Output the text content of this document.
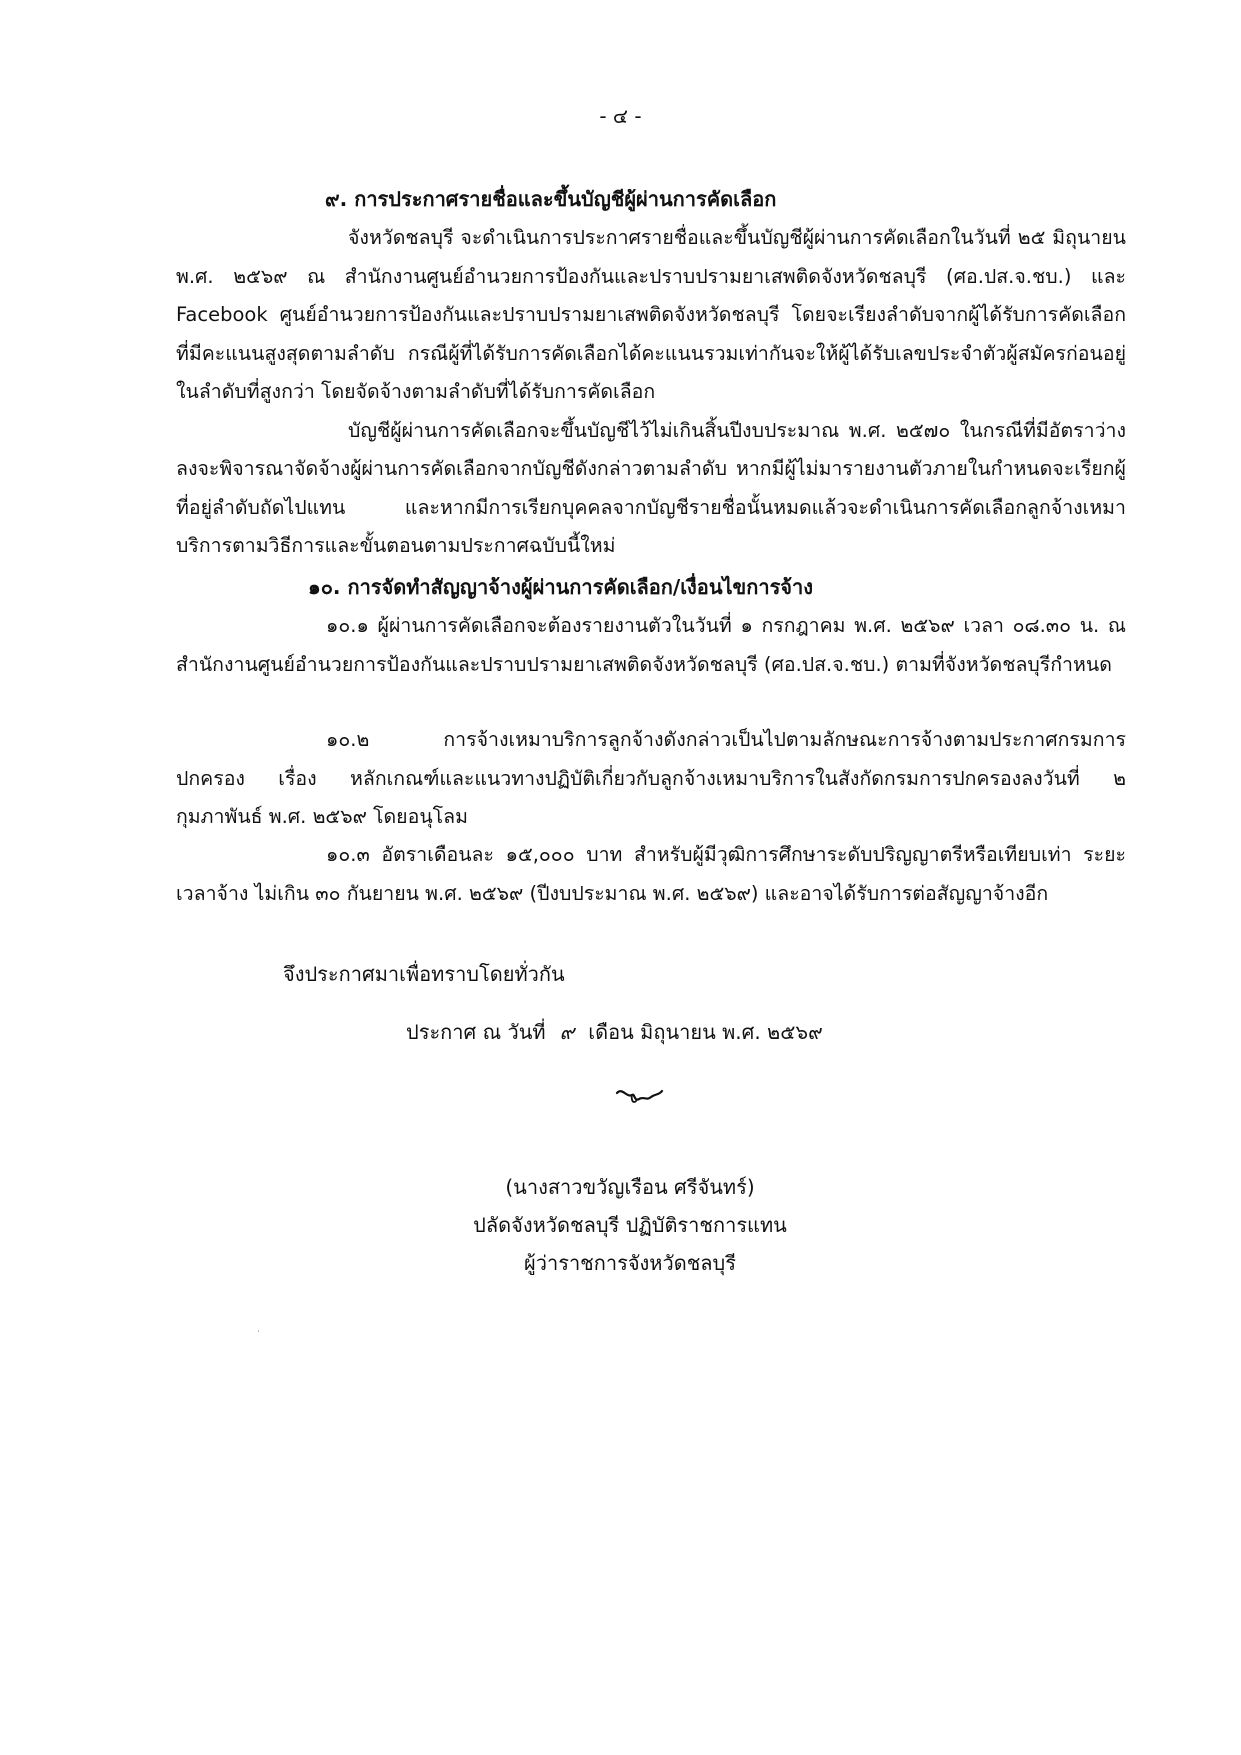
- ๔ -
๙. การประกาศรายชื่อและขึ้นบัญชีผู้ผ่านการคัดเลือก

จังหวัดชลบุรี จะดำเนินการประกาศรายชื่อและขึ้นบัญชีผู้ผ่านการคัดเลือกในวันที่ ๒๕ มิถุนายน พ.ศ. ๒๕๖๙ ณ สำนักงานศูนย์อำนวยการป้องกันและปราบปรามยาเสพติดจังหวัดชลบุรี (ศอ.ปส.จ.ชบ.) และ Facebook ศูนย์อำนวยการป้องกันและปราบปรามยาเสพติดจังหวัดชลบุรี โดยจะเรียงลำดับจากผู้ได้รับการคัดเลือกที่มีคะแนนสูงสุดตามลำดับ กรณีผู้ที่ได้รับการคัดเลือกได้คะแนนรวมเท่ากันจะให้ผู้ได้รับเลขประจำตัวผู้สมัครก่อนอยู่ในลำดับที่สูงกว่า โดยจัดจ้างตามลำดับที่ได้รับการคัดเลือก

บัญชีผู้ผ่านการคัดเลือกจะขึ้นบัญชีไว้ไม่เกินสิ้นปีงบประมาณ พ.ศ. ๒๕๗๐ ในกรณีที่มีอัตราว่างลงจะพิจารณาจัดจ้างผู้ผ่านการคัดเลือกจากบัญชีดังกล่าวตามลำดับ หากมีผู้ไม่มารายงานตัวภายในกำหนดจะเรียกผู้ที่อยู่ลำดับถัดไปแทน และหากมีการเรียกบุคคลจากบัญชีรายชื่อนั้นหมดแล้วจะดำเนินการคัดเลือกลูกจ้างเหมาบริการตามวิธีการและขั้นตอนตามประกาศฉบับนี้ใหม่

๑๐. การจัดทำสัญญาจ้างผู้ผ่านการคัดเลือก/เงื่อนไขการจ้าง

๑๐.๑ ผู้ผ่านการคัดเลือกจะต้องรายงานตัวในวันที่ ๑ กรกฎาคม พ.ศ. ๒๕๖๙ เวลา ๐๘.๓๐ น. ณ สำนักงานศูนย์อำนวยการป้องกันและปราบปรามยาเสพติดจังหวัดชลบุรี (ศอ.ปส.จ.ชบ.) ตามที่จังหวัดชลบุรีกำหนด

๑๐.๒ การจ้างเหมาบริการลูกจ้างดังกล่าวเป็นไปตามลักษณะการจ้างตามประกาศกรมการปกครอง เรื่อง หลักเกณฑ์และแนวทางปฏิบัติเกี่ยวกับลูกจ้างเหมาบริการในสังกัดกรมการปกครองลงวันที่ ๒ กุมภาพันธ์ พ.ศ. ๒๕๖๙ โดยอนุโลม

๑๐.๓ อัตราเดือนละ ๑๕,๐๐๐ บาท สำหรับผู้มีวุฒิการศึกษาระดับปริญญาตรีหรือเทียบเท่า ระยะเวลาจ้าง ไม่เกิน ๓๐ กันยายน พ.ศ. ๒๕๖๙ (ปีงบประมาณ พ.ศ. ๒๕๖๙) และอาจได้รับการต่อสัญญาจ้างอีก

จึงประกาศมาเพื่อทราบโดยทั่วกัน
ประกาศ ณ วันที่ ๙ เดือน มิถุนายน พ.ศ. ๒๕๖๙
(นางสาวขวัญเรือน ศรีจันทร์)
ปลัดจังหวัดชลบุรี ปฏิบัติราชการแทน
ผู้ว่าราชการจังหวัดชลบุรี
